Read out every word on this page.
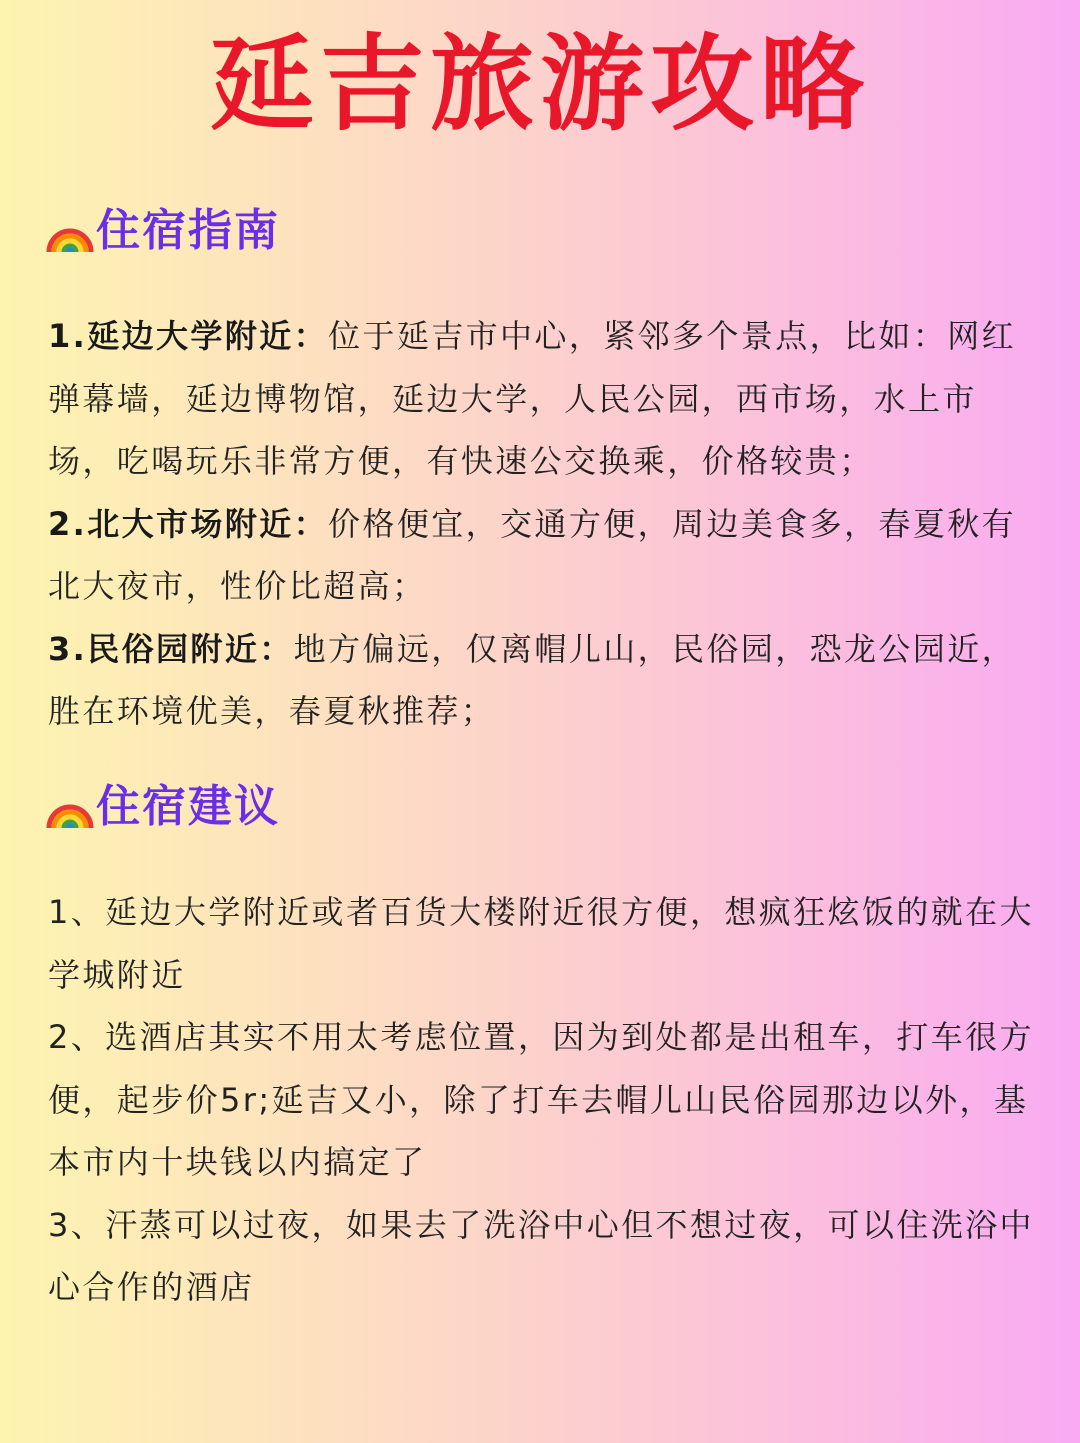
延吉旅游攻略
住宿指南

1.延边大学附近：位于延吉市中心，紧邻多个景点，比如：网红弹幕墙，延边博物馆，延边大学，人民公园，西市场，水上市场，吃喝玩乐非常方便，有快速公交换乘，价格较贵；

2.北大市场附近：价格便宜，交通方便，周边美食多，春夏秋有北大夜市，性价比超高；

3.民俗园附近：地方偏远，仅离帽儿山，民俗园，恐龙公园近，胜在环境优美，春夏秋推荐；

住宿建议

1、延边大学附近或者百货大楼附近很方便，想疯狂炫饭的就在大学城附近

2、选酒店其实不用太考虑位置，因为到处都是出租车，打车很方便，起步价5r;延吉又小，除了打车去帽儿山民俗园那边以外，基本市内十块钱以内搞定了

3、汗蒸可以过夜，如果去了洗浴中心但不想过夜，可以住洗浴中心合作的酒店
